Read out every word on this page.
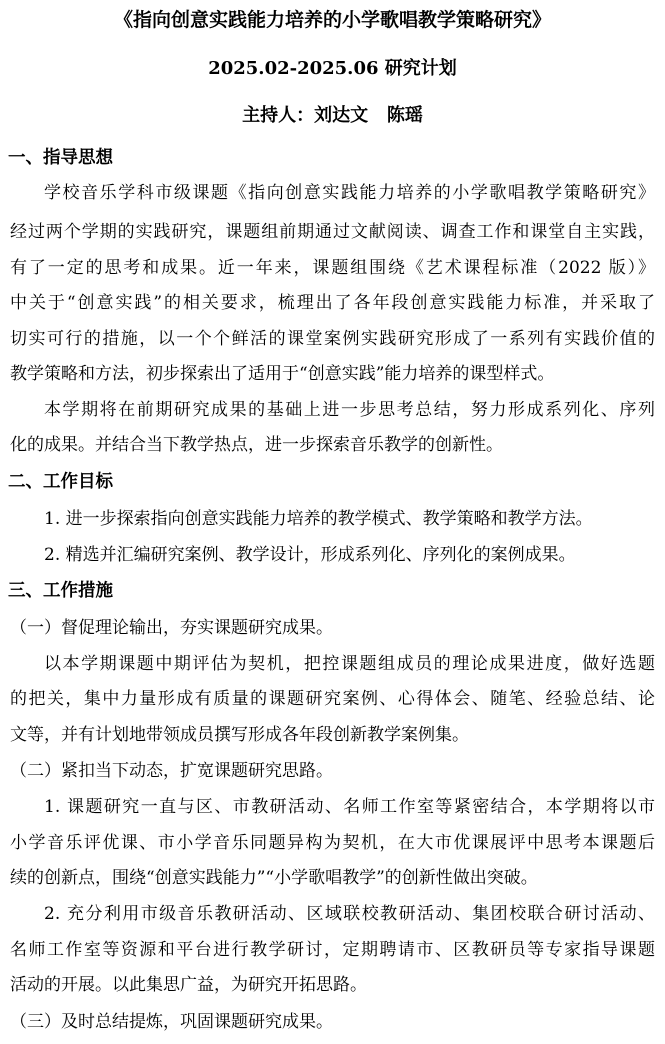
《指向创意实践能力培养的小学歌唱教学策略研究》
2025.02-2025.06 研究计划
主持人：刘达文   陈瑶
一、指导思想
学校音乐学科市级课题《指向创意实践能力培养的小学歌唱教学策略研究》
经过两个学期的实践研究，课题组前期通过文献阅读、调查工作和课堂自主实践，
有了一定的思考和成果。近一年来，课题组围绕《艺术课程标准（2022 版）》
中关于“创意实践”的相关要求，梳理出了各年段创意实践能力标准，并采取了
切实可行的措施，以一个个鲜活的课堂案例实践研究形成了一系列有实践价值的
教学策略和方法，初步探索出了适用于“创意实践”能力培养的课型样式。
本学期将在前期研究成果的基础上进一步思考总结，努力形成系列化、序列
化的成果。并结合当下教学热点，进一步探索音乐教学的创新性。
二、工作目标
1. 进一步探索指向创意实践能力培养的教学模式、教学策略和教学方法。
2. 精选并汇编研究案例、教学设计，形成系列化、序列化的案例成果。
三、工作措施
（一）督促理论输出，夯实课题研究成果。
以本学期课题中期评估为契机，把控课题组成员的理论成果进度，做好选题
的把关，集中力量形成有质量的课题研究案例、心得体会、随笔、经验总结、论
文等，并有计划地带领成员撰写形成各年段创新教学案例集。
（二）紧扣当下动态，扩宽课题研究思路。
1. 课题研究一直与区、市教研活动、名师工作室等紧密结合，本学期将以市
小学音乐评优课、市小学音乐同题异构为契机，在大市优课展评中思考本课题后
续的创新点，围绕“创意实践能力”“小学歌唱教学”的创新性做出突破。
2. 充分利用市级音乐教研活动、区域联校教研活动、集团校联合研讨活动、
名师工作室等资源和平台进行教学研讨，定期聘请市、区教研员等专家指导课题
活动的开展。以此集思广益，为研究开拓思路。
（三）及时总结提炼，巩固课题研究成果。
